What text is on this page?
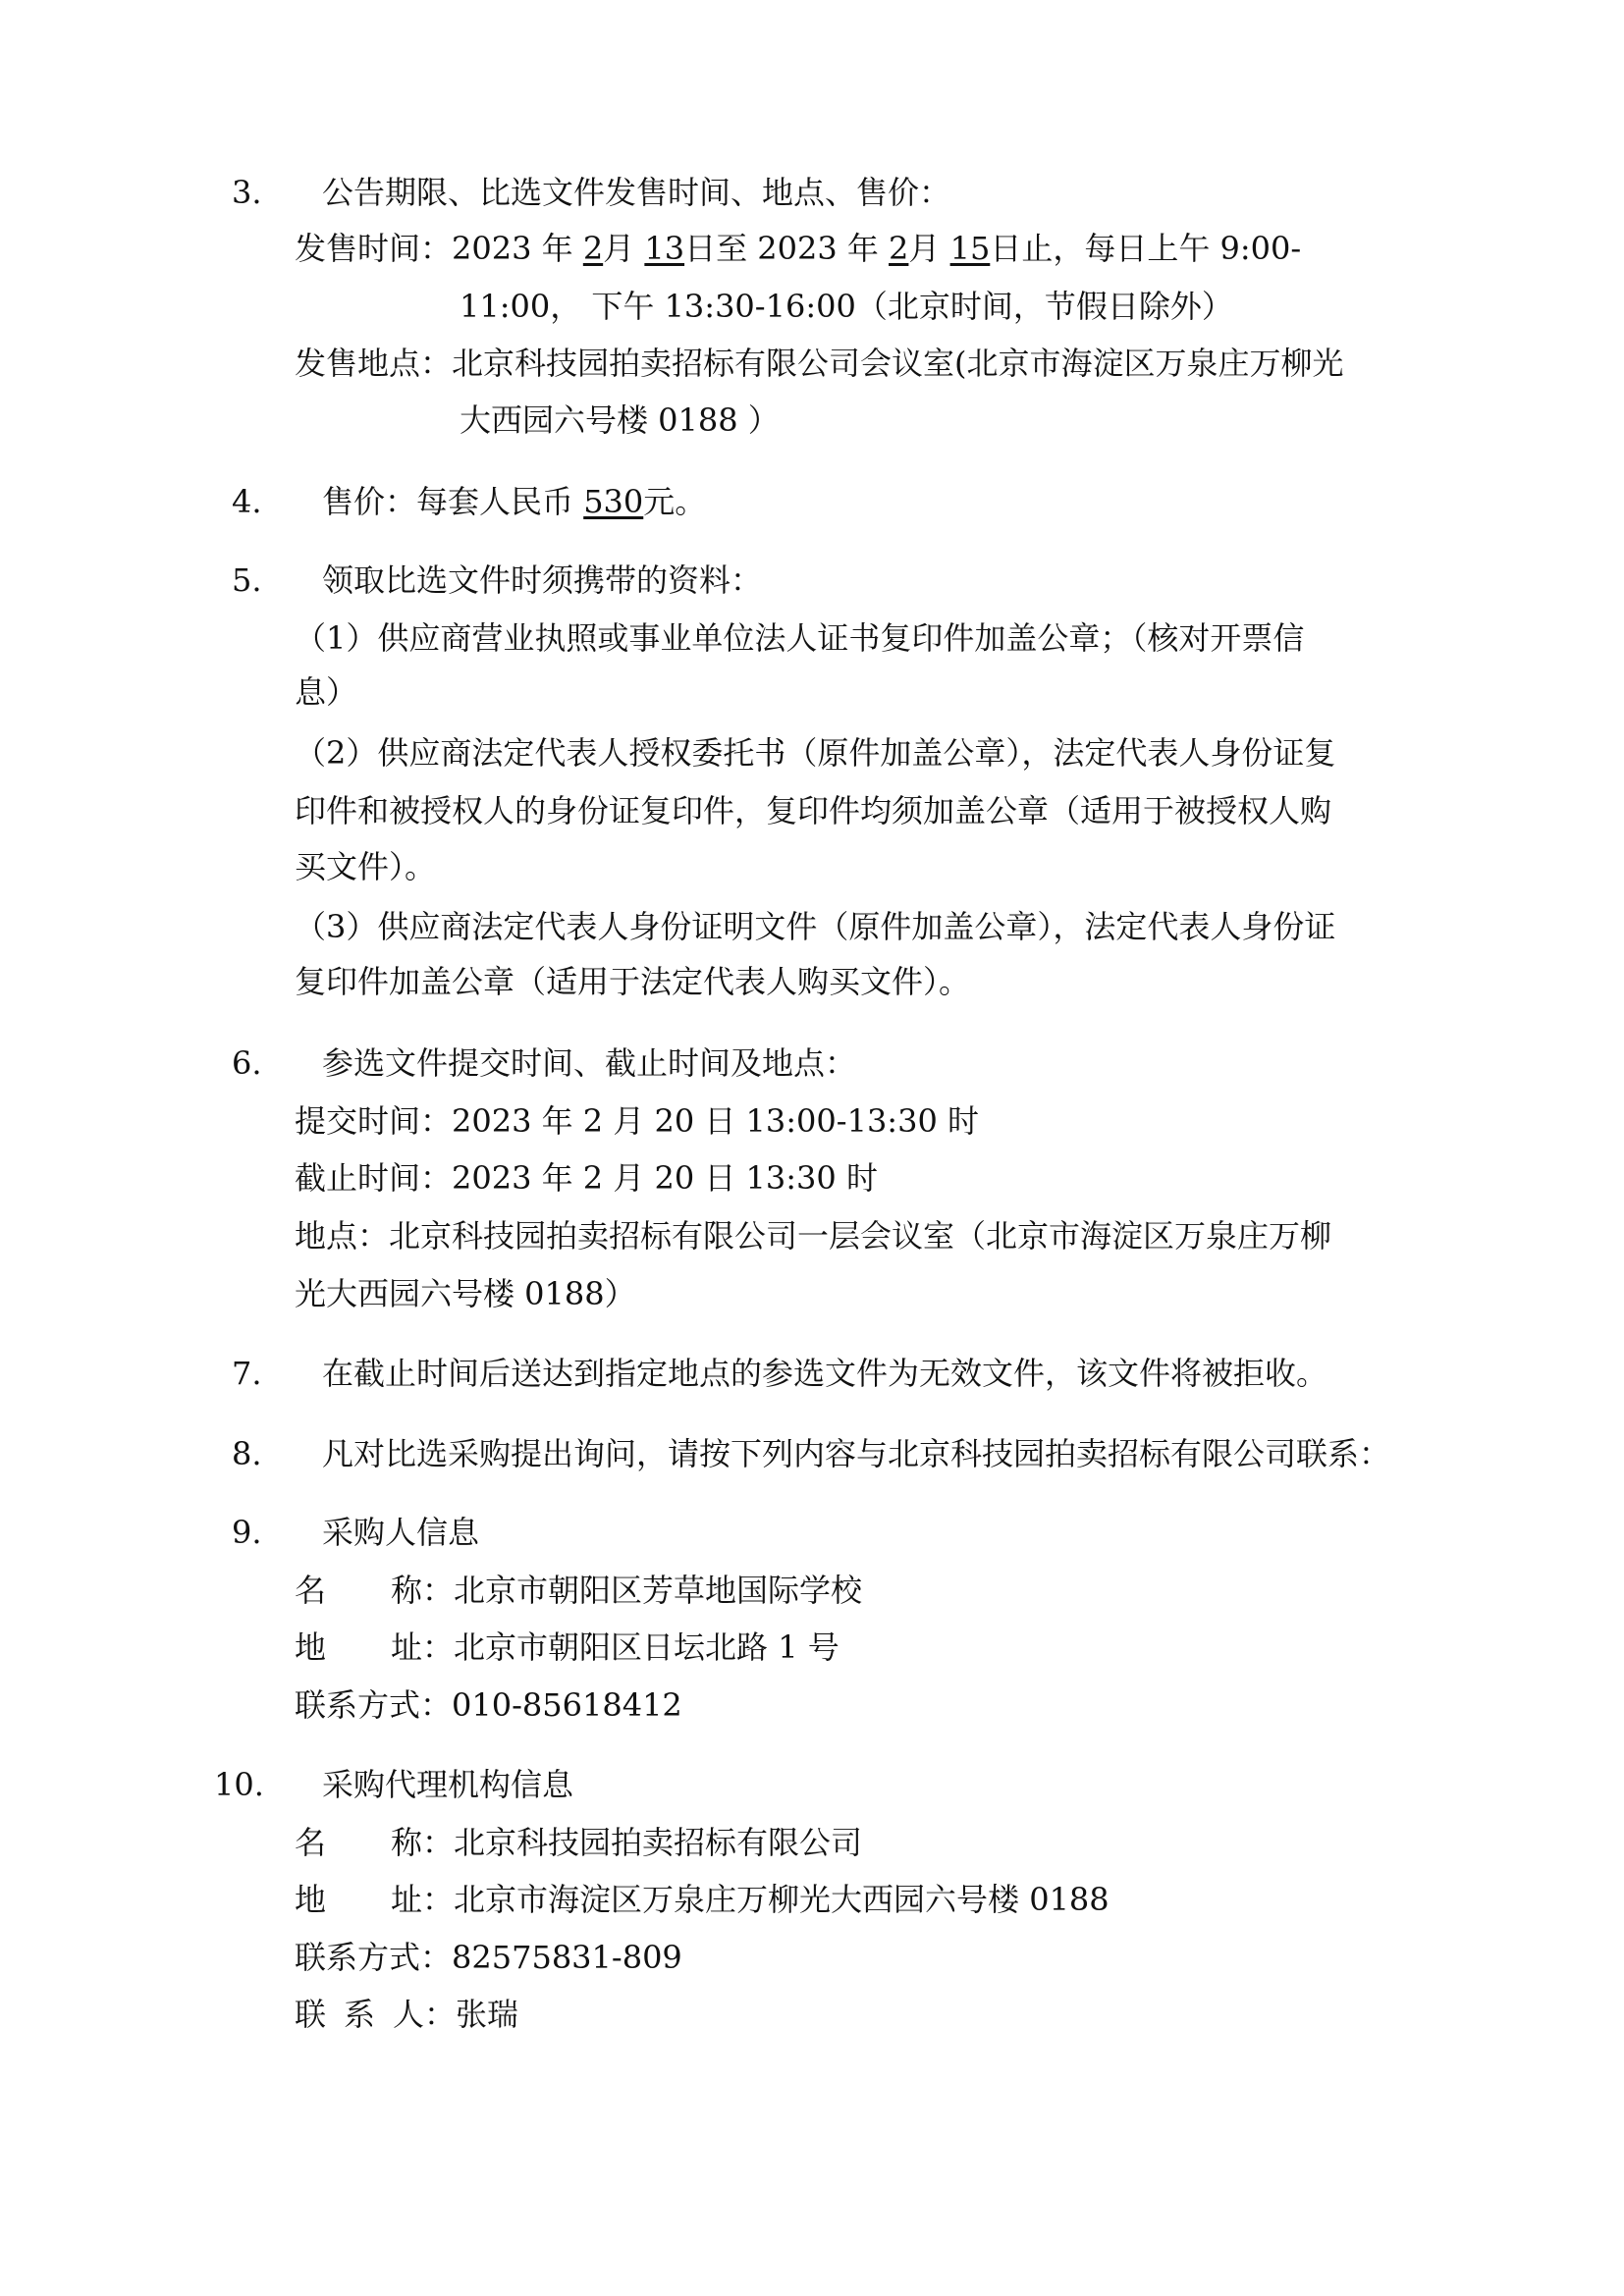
3. 公告期限、比选文件发售时间、地点、售价：
发售时间：2023 年 2月 13日至 2023 年 2月 15日止，每日上午 9:00-
11:00， 下午 13:30-16:00（北京时间，节假日除外）
发售地点：北京科技园拍卖招标有限公司会议室(北京市海淀区万泉庄万柳光
大西园六号楼 0188 ）
4. 售价：每套人民币 530元。
5. 领取比选文件时须携带的资料：
（1）供应商营业执照或事业单位法人证书复印件加盖公章；（核对开票信
息）
（2）供应商法定代表人授权委托书（原件加盖公章），法定代表人身份证复
印件和被授权人的身份证复印件，复印件均须加盖公章（适用于被授权人购
买文件）。
（3）供应商法定代表人身份证明文件（原件加盖公章），法定代表人身份证
复印件加盖公章（适用于法定代表人购买文件）。
6. 参选文件提交时间、截止时间及地点：
提交时间：2023 年 2 月 20 日 13:00-13:30 时
截止时间：2023 年 2 月 20 日 13:30 时
地点：北京科技园拍卖招标有限公司一层会议室（北京市海淀区万泉庄万柳
光大西园六号楼 0188）
7. 在截止时间后送达到指定地点的参选文件为无效文件，该文件将被拒收。
8. 凡对比选采购提出询问，请按下列内容与北京科技园拍卖招标有限公司联系：
9. 采购人信息
名 称：北京市朝阳区芳草地国际学校
地 址：北京市朝阳区日坛北路 1 号
联系方式：010-85618412
10. 采购代理机构信息
名 称：北京科技园拍卖招标有限公司
地 址：北京市海淀区万泉庄万柳光大西园六号楼 0188
联系方式：82575831-809
联 系 人：张瑞
